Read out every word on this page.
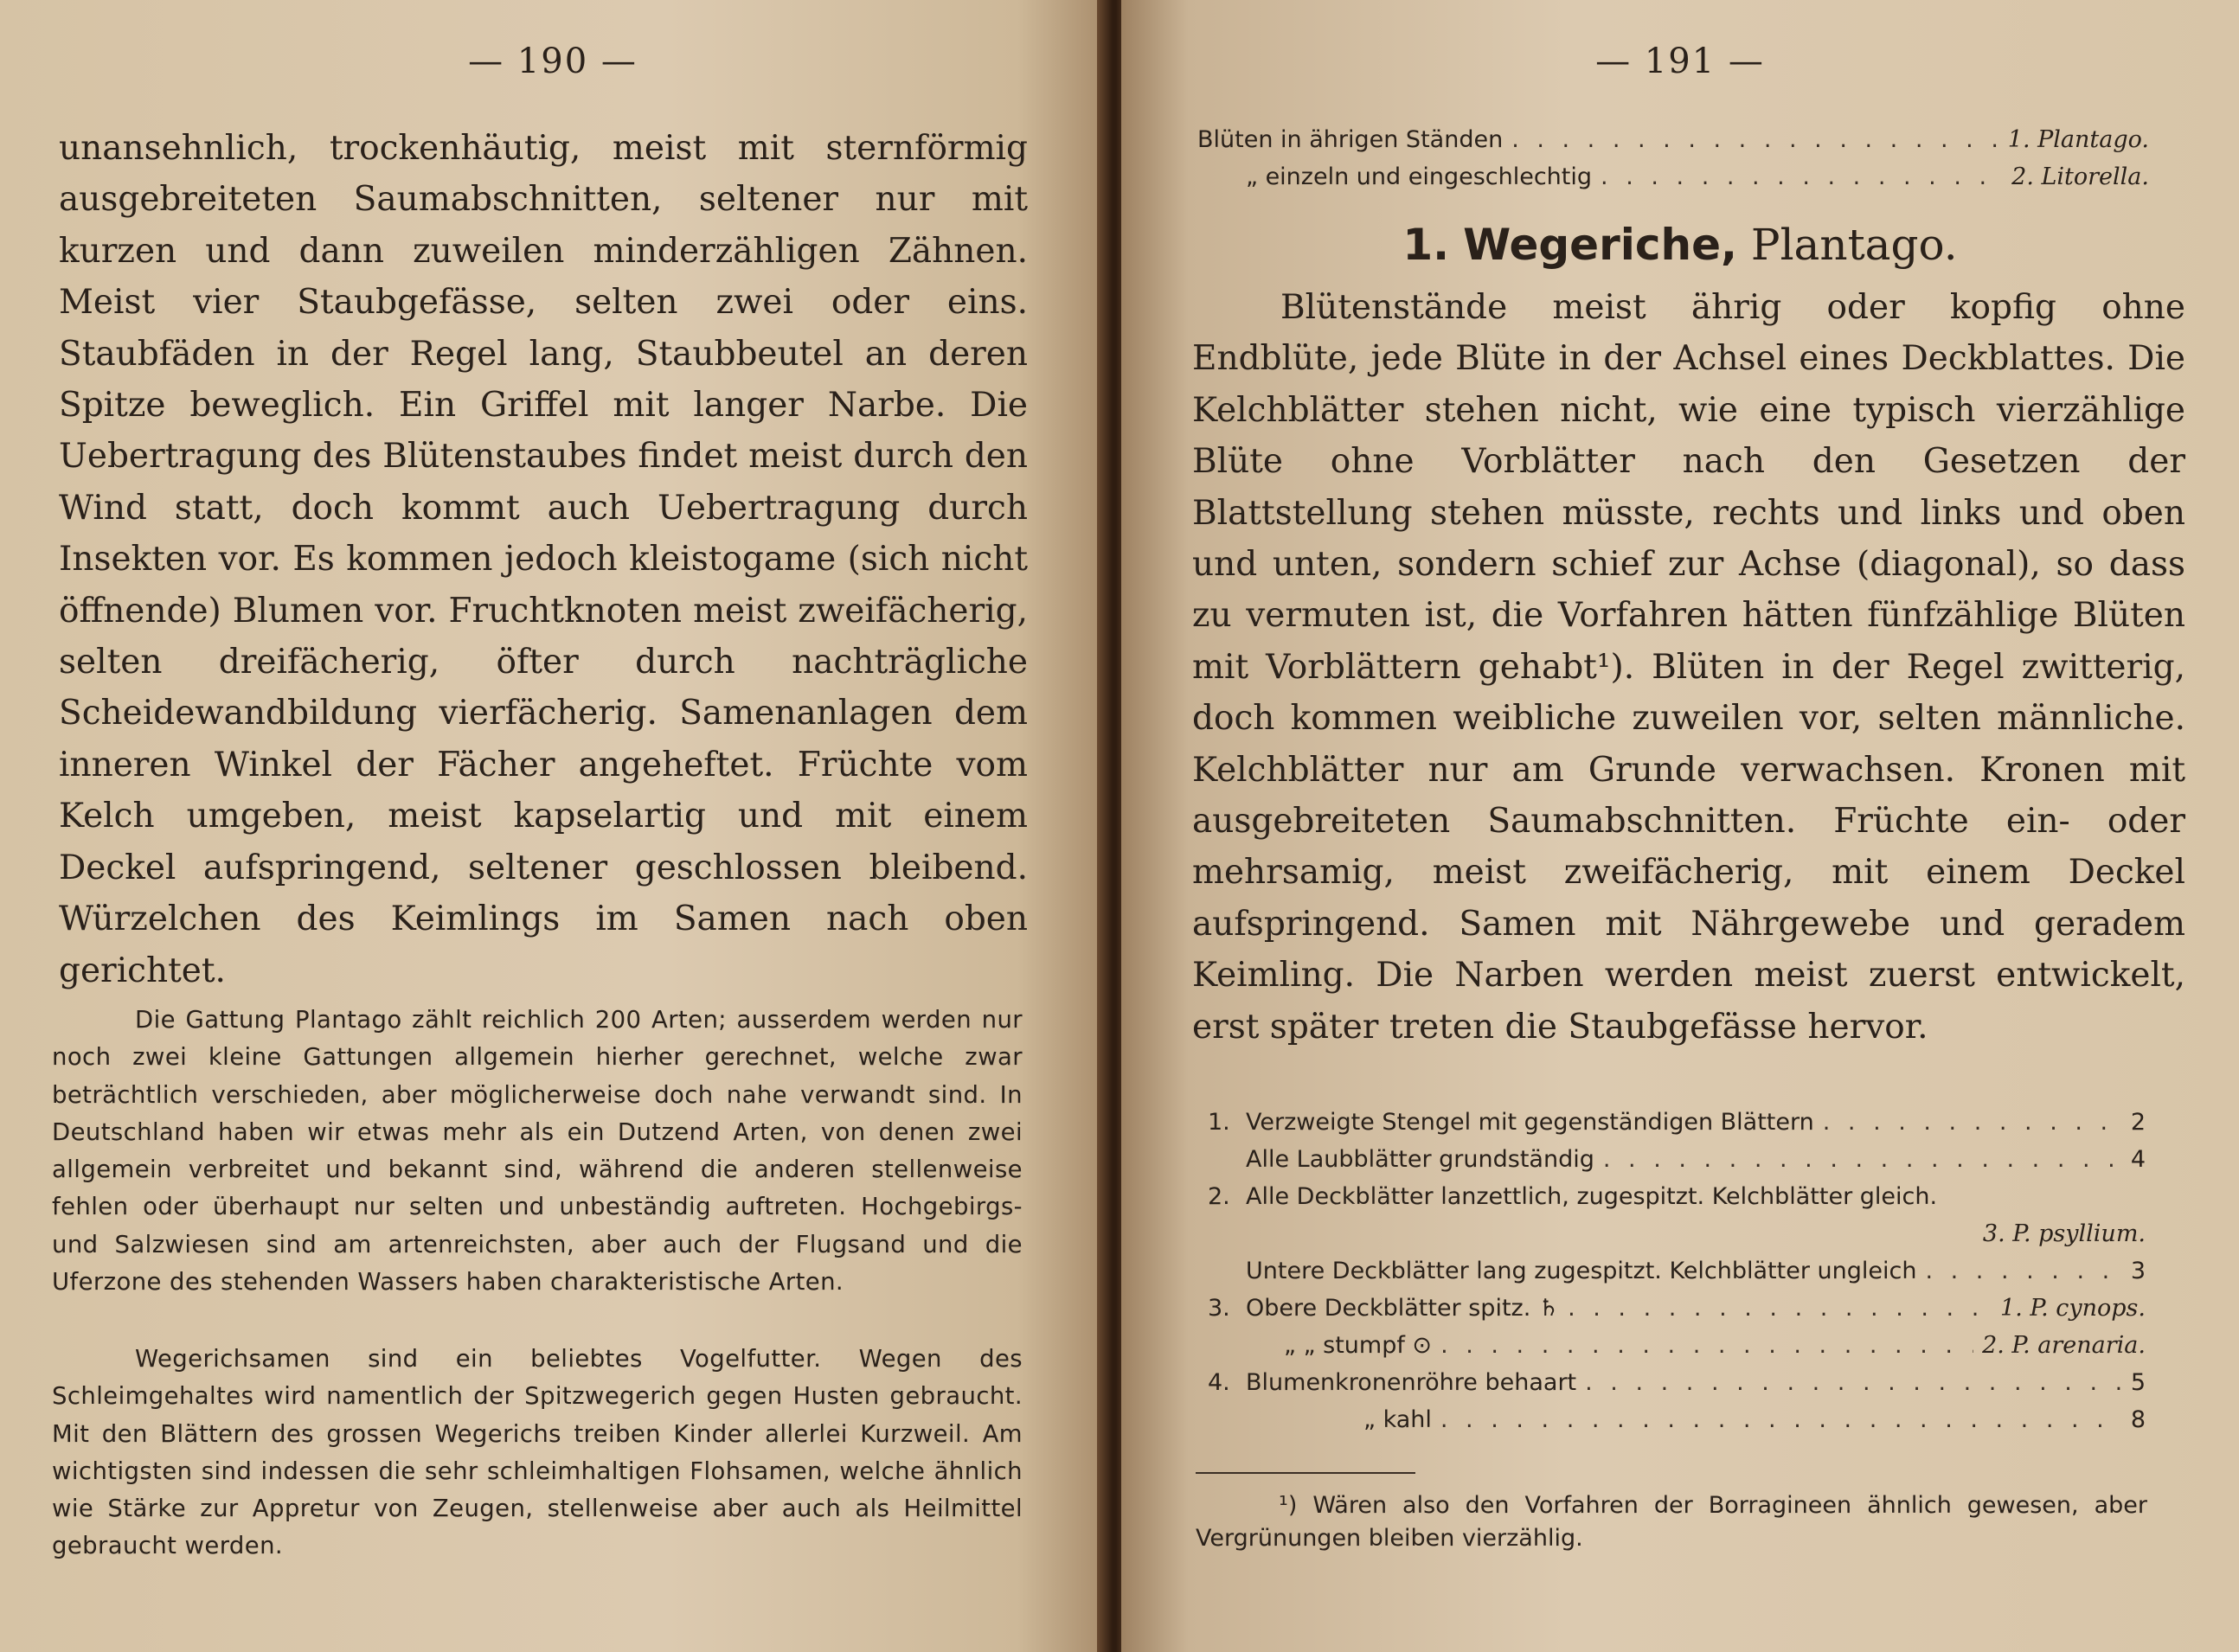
— 190 —

unansehnlich, trockenhäutig, meist mit sternförmig ausgebreiteten Saumabschnitten, seltener nur mit kurzen und dann zuweilen minderzähligen Zähnen. Meist vier Staubgefässe, selten zwei oder eins. Staubfäden in der Regel lang, Staubbeutel an deren Spitze beweglich. Ein Griffel mit langer Narbe. Die Uebertragung des Blütenstaubes findet meist durch den Wind statt, doch kommt auch Uebertragung durch Insekten vor. Es kommen jedoch kleistogame (sich nicht öffnende) Blumen vor. Fruchtknoten meist zweifächerig, selten dreifächerig, öfter durch nachträgliche Scheidewandbildung vierfächerig. Samenanlagen dem inneren Winkel der Fächer angeheftet. Früchte vom Kelch umgeben, meist kapselartig und mit einem Deckel aufspringend, seltener geschlossen bleibend. Würzelchen des Keimlings im Samen nach oben gerichtet.

Die Gattung Plantago zählt reichlich 200 Arten; ausserdem werden nur noch zwei kleine Gattungen allgemein hierher gerechnet, welche zwar beträchtlich verschieden, aber möglicherweise doch nahe verwandt sind. In Deutschland haben wir etwas mehr als ein Dutzend Arten, von denen zwei allgemein verbreitet und bekannt sind, während die anderen stellenweise fehlen oder überhaupt nur selten und unbeständig auftreten. Hochgebirgs- und Salzwiesen sind am artenreichsten, aber auch der Flugsand und die Uferzone des stehenden Wassers haben charakteristische Arten.

Wegerichsamen sind ein beliebtes Vogelfutter. Wegen des Schleimgehaltes wird namentlich der Spitzwegerich gegen Husten gebraucht. Mit den Blättern des grossen Wegerichs treiben Kinder allerlei Kurzweil. Am wichtigsten sind indessen die sehr schleimhaltigen Flohsamen, welche ähnlich wie Stärke zur Appretur von Zeugen, stellenweise aber auch als Heilmittel gebraucht werden.

— 191 —
Blüten in ährigen Ständen . . .	1. Plantago.
„ einzeln und eingeschlechtig . . .	2. Litorella.
1. Wegeriche, Plantago.

Blütenstände meist ährig oder kopfig ohne Endblüte, jede Blüte in der Achsel eines Deckblattes. Die Kelchblätter stehen nicht, wie eine typisch vierzählige Blüte ohne Vorblätter nach den Gesetzen der Blattstellung stehen müsste, rechts und links und oben und unten, sondern schief zur Achse (diagonal), so dass zu vermuten ist, die Vorfahren hätten fünfzählige Blüten mit Vorblättern gehabt¹). Blüten in der Regel zwitterig, doch kommen weibliche zuweilen vor, selten männliche. Kelchblätter nur am Grunde verwachsen. Kronen mit ausgebreiteten Saumabschnitten. Früchte ein- oder mehrsamig, meist zweifächerig, mit einem Deckel aufspringend. Samen mit Nährgewebe und geradem Keimling. Die Narben werden meist zuerst entwickelt, erst später treten die Staubgefässe hervor.

1. Verzweigte Stengel mit gegenständigen Blättern . . .	2
Alle Laubblätter grundständig . . .	4
2. Alle Deckblätter lanzettlich, zugespitzt. Kelchblätter gleich.
3. P. psyllium.
Untere Deckblätter lang zugespitzt. Kelchblätter ungleich . . .	3
3. Obere Deckblätter spitz. ♄ . . .	1. P. cynops.
„ „ stumpf ⊙ . . .	2. P. arenaria.
4. Blumenkronenröhre behaart . . .	5
„ kahl . . .	8
¹) Wären also den Vorfahren der Borragineen ähnlich gewesen, aber Vergrünungen bleiben vierzählig.
